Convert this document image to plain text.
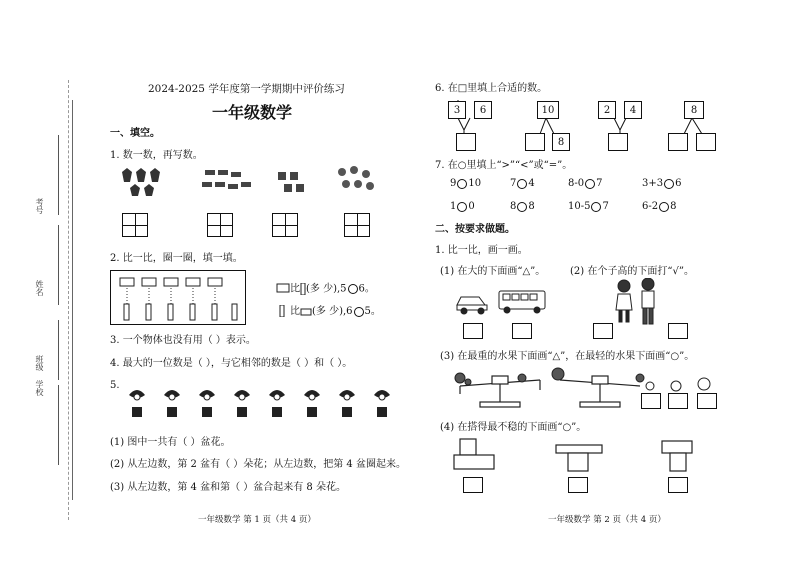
考号
姓名
班级
学校
2024-2025 学年度第一学期期中评价练习
一年级数学
一、填空。
1. 数一数，再写数。
2. 比一比，圈一圈，填一填。
比 (多 少),5 6。
比 (多 少),6 5。
3. 一个物体也没有用（ ）表示。
4. 最大的一位数是（ ），与它相邻的数是（ ）和（ ）。
5.
(1) 图中一共有（ ）盆花。
(2) 从左边数，第 2 盆有（ ）朵花；从左边数，把第 4 盆圈起来。
(3) 从左边数，第 4 盆和第（ ）盆合起来有 8 朵花。
一年级数学 第 1 页（共 4 页）
6. 在□里填上合适的数。
3	6	10
8
2	4	8
7. 在○里填上“>”“<”或“=”。
9 10	7 4	8-0 7	3+3 6
1 0	8 8	10-5 7	6-2 8
二、按要求做题。
1. 比一比，画一画。
(1) 在大的下面画“△”。 (2) 在个子高的下面打“√”。
(3) 在最重的水果下面画“△”，在最轻的水果下面画“○”。
(4) 在搭得最不稳的下面画“○”。
一年级数学 第 2 页（共 4 页）
